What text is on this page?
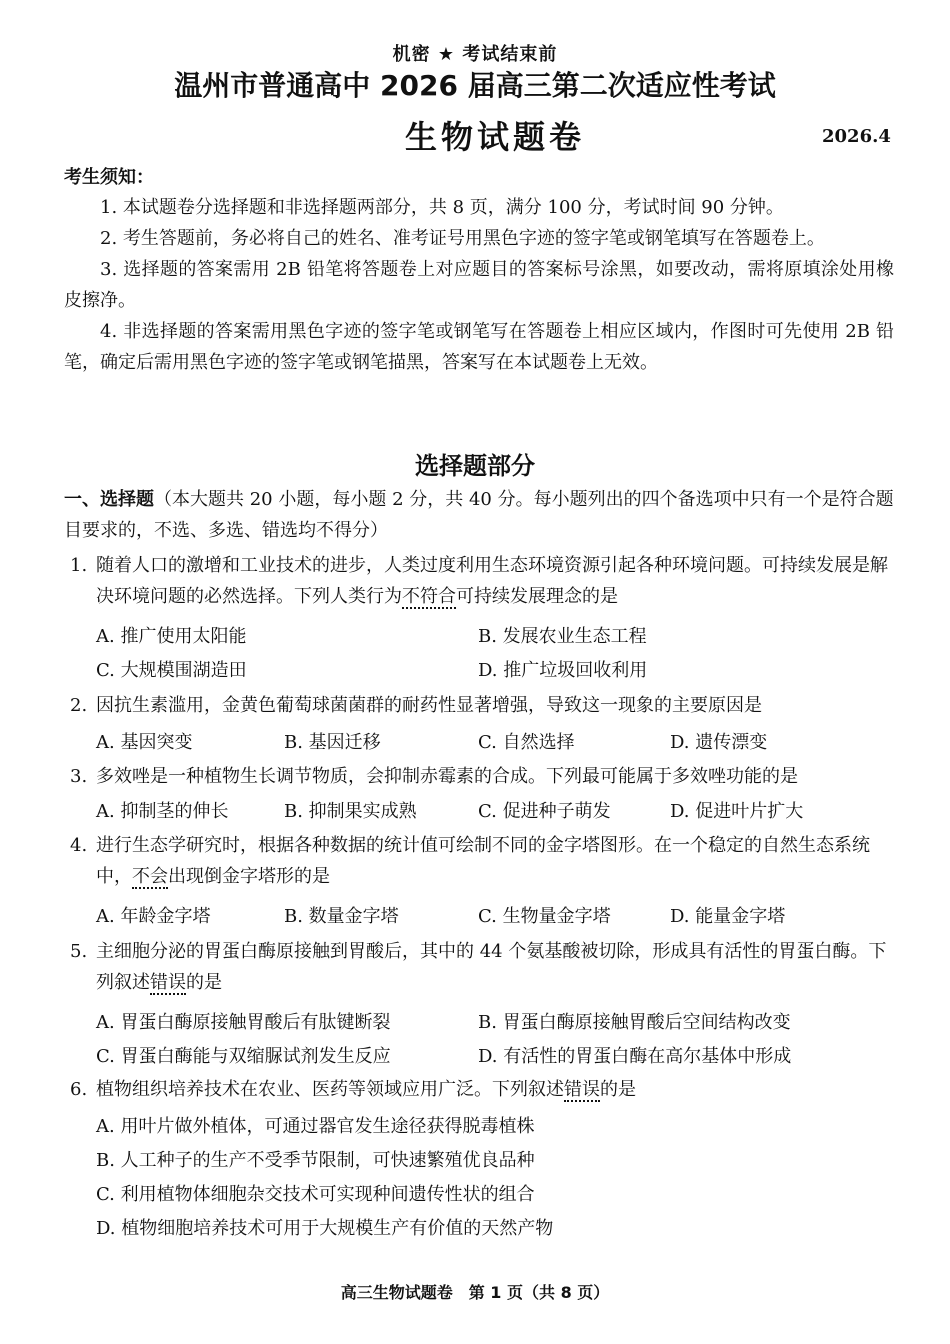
机密 ★ 考试结束前
温州市普通高中 2026 届高三第二次适应性考试
生物试题卷	2026.4
考生须知：

1. 本试题卷分选择题和非选择题两部分，共 8 页，满分 100 分，考试时间 90 分钟。

2. 考生答题前，务必将自己的姓名、准考证号用黑色字迹的签字笔或钢笔填写在答题卷上。

3. 选择题的答案需用 2B 铅笔将答题卷上对应题目的答案标号涂黑，如要改动，需将原填涂处用橡皮擦净。

4. 非选择题的答案需用黑色字迹的签字笔或钢笔写在答题卷上相应区域内，作图时可先使用 2B 铅笔，确定后需用黑色字迹的签字笔或钢笔描黑，答案写在本试题卷上无效。

选择题部分
一、选择题（本大题共 20 小题，每小题 2 分，共 40 分。每小题列出的四个备选项中只有一个是符合题目要求的，不选、多选、错选均不得分）
1. 随着人口的激增和工业技术的进步，人类过度利用生态环境资源引起各种环境问题。可持续发展是解决环境问题的必然选择。下列人类行为不符合可持续发展理念的是
A. 推广使用太阳能	B. 发展农业生态工程
C. 大规模围湖造田	D. 推广垃圾回收利用
2. 因抗生素滥用，金黄色葡萄球菌菌群的耐药性显著增强，导致这一现象的主要原因是
A. 基因突变	B. 基因迁移	C. 自然选择	D. 遗传漂变
3. 多效唑是一种植物生长调节物质，会抑制赤霉素的合成。下列最可能属于多效唑功能的是
A. 抑制茎的伸长	B. 抑制果实成熟	C. 促进种子萌发	D. 促进叶片扩大
4. 进行生态学研究时，根据各种数据的统计值可绘制不同的金字塔图形。在一个稳定的自然生态系统中，不会出现倒金字塔形的是
A. 年龄金字塔	B. 数量金字塔	C. 生物量金字塔	D. 能量金字塔
5. 主细胞分泌的胃蛋白酶原接触到胃酸后，其中的 44 个氨基酸被切除，形成具有活性的胃蛋白酶。下列叙述错误的是
A. 胃蛋白酶原接触胃酸后有肽键断裂	B. 胃蛋白酶原接触胃酸后空间结构改变
C. 胃蛋白酶能与双缩脲试剂发生反应	D. 有活性的胃蛋白酶在高尔基体中形成
6. 植物组织培养技术在农业、医药等领域应用广泛。下列叙述错误的是
A. 用叶片做外植体，可通过器官发生途径获得脱毒植株
B. 人工种子的生产不受季节限制，可快速繁殖优良品种
C. 利用植物体细胞杂交技术可实现种间遗传性状的组合
D. 植物细胞培养技术可用于大规模生产有价值的天然产物
高三生物试题卷　第 1 页（共 8 页）
